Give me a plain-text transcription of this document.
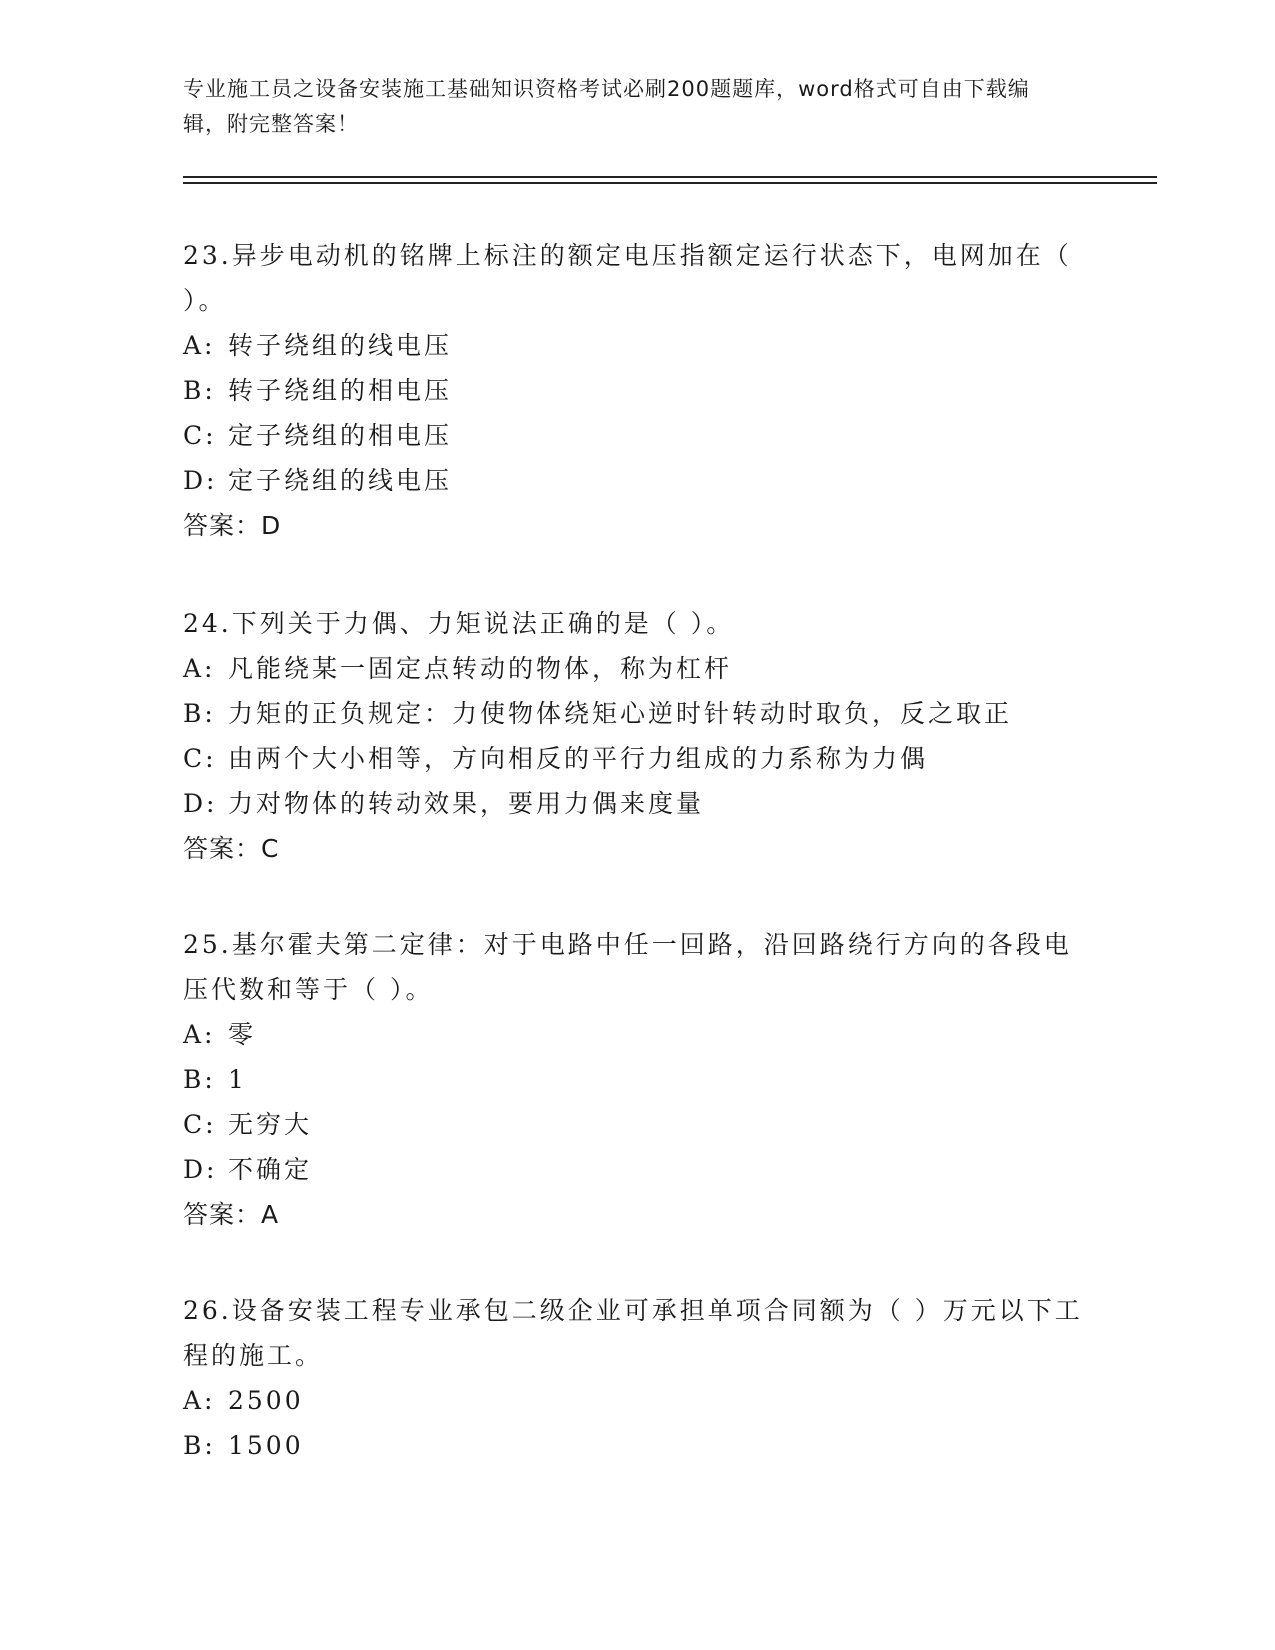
专业施工员之设备安装施工基础知识资格考试必刷200题题库，word格式可自由下载编辑，附完整答案！

23.异步电动机的铭牌上标注的额定电压指额定运行状态下，电网加在（ ）。

A: 转子绕组的线电压

B: 转子绕组的相电压

C: 定子绕组的相电压

D: 定子绕组的线电压

答案：D

24.下列关于力偶、力矩说法正确的是（ ）。

A: 凡能绕某一固定点转动的物体，称为杠杆

B: 力矩的正负规定：力使物体绕矩心逆时针转动时取负，反之取正

C: 由两个大小相等，方向相反的平行力组成的力系称为力偶

D: 力对物体的转动效果，要用力偶来度量

答案：C

25.基尔霍夫第二定律：对于电路中任一回路，沿回路绕行方向的各段电压代数和等于（ ）。

A: 零

B: 1

C: 无穷大

D: 不确定

答案：A

26.设备安装工程专业承包二级企业可承担单项合同额为（ ）万元以下工程的施工。

A: 2500

B: 1500
